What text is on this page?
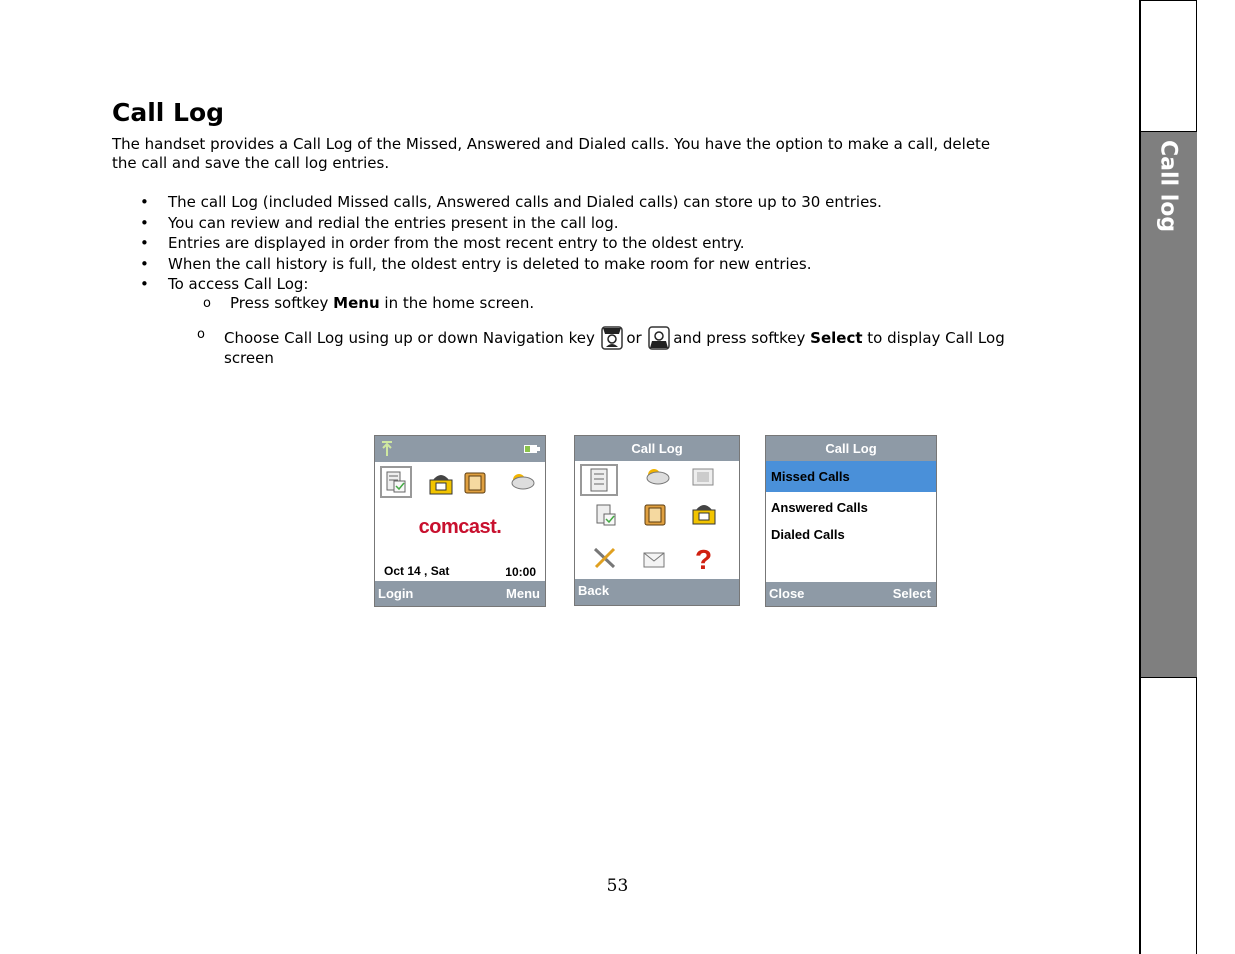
Call log
Call Log

The handset provides a Call Log of the Missed, Answered and Dialed calls. You have the option to make a call, delete the call and save the call log entries.

• The call Log (included Missed calls, Answered calls and Dialed calls) can store up to 30 entries.
• You can review and redial the entries present in the call log.
• Entries are displayed in order from the most recent entry to the oldest entry.
• When the call history is full, the oldest entry is deleted to make room for new entries.
• To access Call Log:
o Press softkey Menu in the home screen.
o Choose Call Log using up or down Navigation key
or
and press softkey Select to display Call Log screen
comcast.
Oct 14 , Sat	10:00
Login	Menu
Call Log
?
Back
Call Log
Missed Calls
Answered Calls
Dialed Calls
Close	Select
53
